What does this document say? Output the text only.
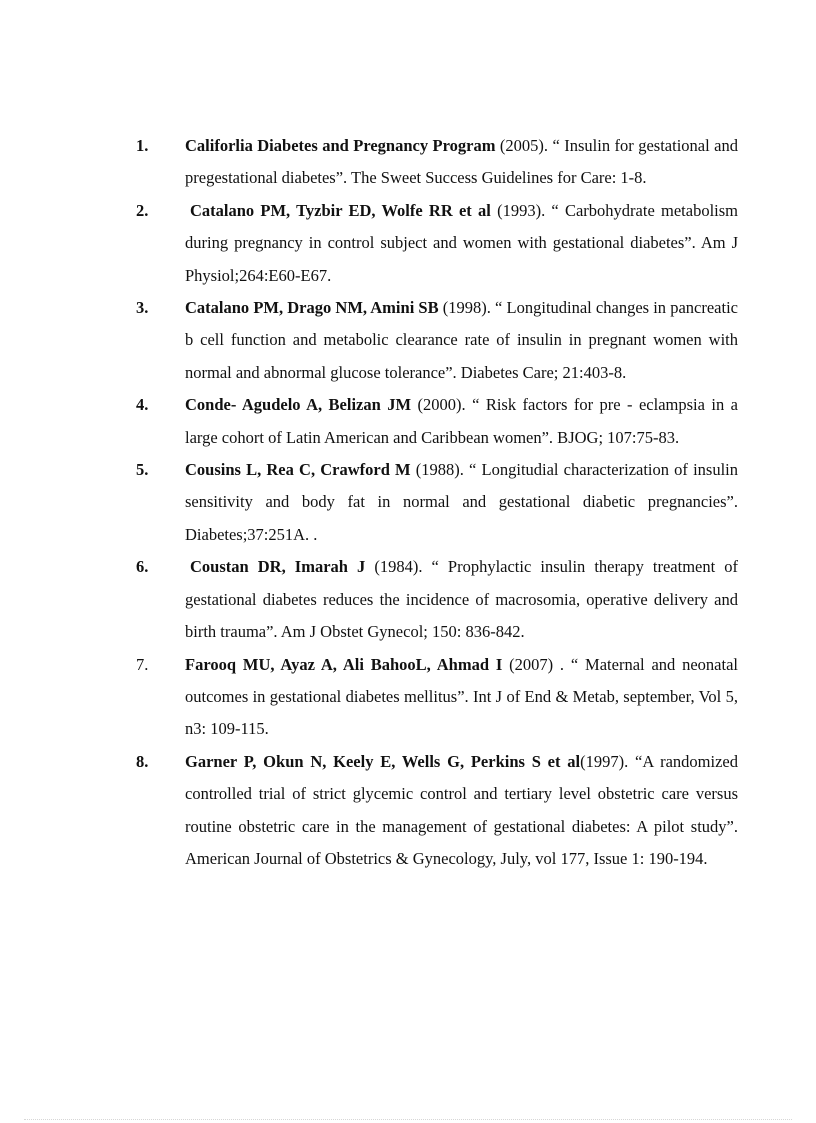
1. Califorlia Diabetes and Pregnancy Program (2005). “ Insulin for gestational and pregestational diabetes”. The Sweet Success Guidelines for Care: 1-8.
2.	Catalano PM, Tyzbir ED, Wolfe RR et al (1993). “ Carbohydrate metabolism during pregnancy in control subject and women with gestational diabetes”. Am J Physiol;264:E60-E67.
3. Catalano PM, Drago NM, Amini SB (1998). “ Longitudinal changes in pancreatic b cell function and metabolic clearance rate of insulin in pregnant women with normal and abnormal glucose tolerance”. Diabetes Care; 21:403-8.
4. Conde- Agudelo A, Belizan JM (2000). “ Risk factors for pre - eclampsia in a large cohort of Latin American and Caribbean women”. BJOG; 107:75-83.
5. Cousins L, Rea C, Crawford M (1988). “ Longitudial characterization of insulin sensitivity and body fat in normal and gestational diabetic pregnancies”. Diabetes;37:251A. .
6.	Coustan DR, Imarah J (1984). “ Prophylactic insulin therapy treatment of gestational diabetes reduces the incidence of macrosomia, operative delivery and birth trauma”. Am J Obstet Gynecol; 150: 836-842.
7. Farooq MU, Ayaz A, Ali BahooL, Ahmad I (2007) . “ Maternal and neonatal outcomes in gestational diabetes mellitus”. Int J of End & Metab, september, Vol 5, n3: 109-115.
8. Garner P, Okun N, Keely E, Wells G, Perkins S et al(1997). “A randomized controlled trial of strict glycemic control and tertiary level obstetric care versus routine obstetric care in the management of gestational diabetes: A pilot study”. American Journal of Obstetrics & Gynecology, July, vol 177, Issue 1: 190-194.
